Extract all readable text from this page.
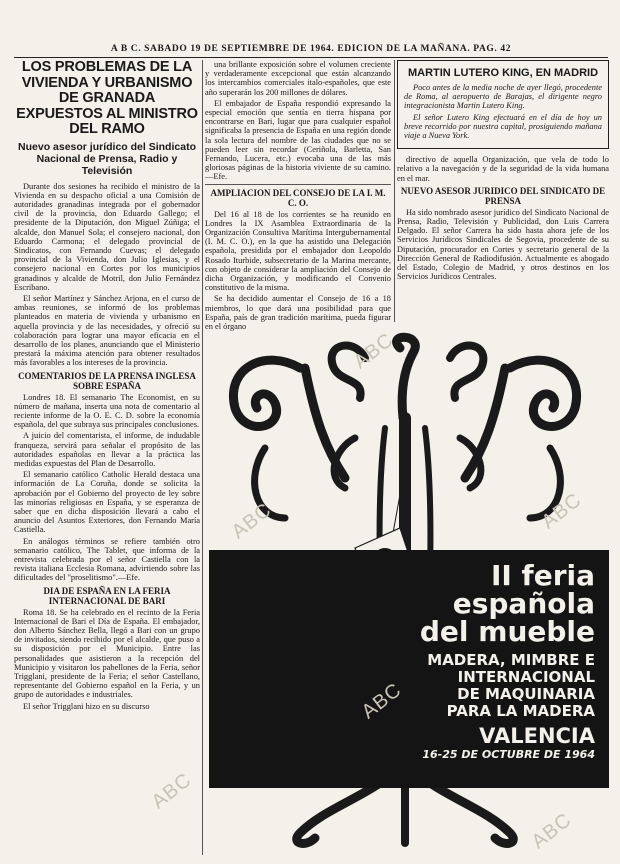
A B C. SABADO 19 DE SEPTIEMBRE DE 1964. EDICION DE LA MAÑANA. PAG. 42
LOS PROBLEMAS DE LA VIVIENDA Y URBANISMO DE GRANADA EXPUESTOS AL MINISTRO DEL RAMO
Nuevo asesor jurídico del Sindicato Nacional de Prensa, Radio y Televisión

Durante dos sesiones ha recibido el ministro de la Vivienda en su despacho oficial a una Comisión de autoridades granadinas integrada por el gobernador civil de la provincia, don Eduardo Gallego; el presidente de la Diputación, don Miguel Zúñiga; el alcalde, don Manuel Sola; el consejero nacional, don Eduardo Carmona; el delegado provincial de Sindicatos, con Fernando Cuevas; el delegado provincial de la Vivienda, don Julio Iglesias, y el consejero nacional en Cortes por los municipios granadinos y alcalde de Motril, don Julio Fernández Escribano.

El señor Martínez y Sánchez Arjona, en el curso de ambas reuniones, se informó de los problemas planteados en materia de vivienda y urbanismo en aquella provincia y de las necesidades, y ofreció su colaboración para lograr una mayor eficacia en el desarrollo de los planes, anunciando que el Ministerio prestará la máxima atención para obtener resultados más favorables a los intereses de la provincia.

COMENTARIOS DE LA PRENSA INGLESA SOBRE ESPAÑA

Londres 18. El semanario The Economist, en su número de mañana, inserta una nota de comentario al reciente informe de la O. E. C. D. sobre la economía española, del que subraya sus principales conclusiones.

A juicio del comentarista, el informe, de indudable franqueza, servirá para señalar el propósito de las autoridades españolas en llevar a la práctica las medidas expuestas del Plan de Desarrollo.

El semanario católico Catholic Herald destaca una información de La Coruña, donde se solicita la aprobación por el Gobierno del proyecto de ley sobre las minorías religiosas en España, y se esperanza de saber que en dicha disposición llevará a cabo el anuncio del Asuntos Exteriores, don Fernando María Castiella.

En análogos términos se refiere también otro semanario católico, The Tablet, que informa de la entrevista celebrada por el señor Castiella con la revista italiana Ecclesia Romana, advirtiendo sobre las dificultades del "proselitismo".—Efe.

DIA DE ESPAÑA EN LA FERIA INTERNACIONAL DE BARI

Roma 18. Se ha celebrado en el recinto de la Feria Internacional de Bari el Día de España. El embajador, don Alberto Sánchez Bella, llegó a Bari con un grupo de invitados, siendo recibido por el alcalde, que puso a su disposición por el Municipio. Entre las personalidades que asistieron a la recepción del Municipio y visitaron los pabellones de la Feria, señor Trigglani, presidente de la Feria; el señor Castellano, representante del Gobierno español en la Feria, y un grupo de autoridades e industriales.

El señor Trigglani hizo en su discurso

una brillante exposición sobre el volumen creciente y verdaderamente excepcional que están alcanzando los intercambios comerciales italo-españoles, que este año superarán los 200 millones de dólares.

El embajador de España respondió expresando la especial emoción que sentía en tierra hispana por encontrarse en Bari, lugar que para cualquier español significaba la presencia de España en una región donde la sola lectura del nombre de las ciudades que no se pueden leer sin recordar (Ceriñola, Barletta, San Fernando, Lucera, etc.) evocaba una de las más gloriosas páginas de la historia viviente de su camino.—Efe.

AMPLIACION DEL CONSEJO DE LA I. M. C. O.

Del 16 al 18 de los corrientes se ha reunido en Londres la IX Asamblea Extraordinaria de la Organización Consultiva Marítima Intergubernamental (I. M. C. O.), en la que ha asistido una Delegación española, presidida por el embajador don Leopoldo Rosado Iturbide, subsecretario de la Marina mercante, con objeto de considerar la ampliación del Consejo de dicha Organización, y modificando el Convenio constitutivo de la misma.

Se ha decidido aumentar el Consejo de 16 a 18 miembros, lo que dará una posibilidad para que España, país de gran tradición marítima, pueda figurar en el órgano

MARTIN LUTERO KING, EN MADRID

Poco antes de la media noche de ayer llegó, procedente de Roma, al aeropuerto de Barajas, el dirigente negro integracionista Martin Lutero King.

El señor Lutero King efectuará en el día de hoy un breve recorrido por nuestra capital, prosiguiendo mañana viaje a Nueva York.

directivo de aquella Organización, que vela de todo lo relativo a la navegación y de la seguridad de la vida humana en el mar.

NUEVO ASESOR JURIDICO DEL SINDICATO DE PRENSA

Ha sido nombrado asesor jurídico del Sindicato Nacional de Prensa, Radio, Televisión y Publicidad, don Luis Carrera Delgado. El señor Carrera ha sido hasta ahora jefe de los Servicios Jurídicos Sindicales de Segovia, procedente de su Diputación, procurador en Cortes y secretario general de la Dirección General de Radiodifusión. Actualmente es abogado del Estado, Colegio de Madrid, y otros destinos en los Servicios Jurídicos Centrales.

II feria
española
del mueble
MADERA, MIMBRE E
INTERNACIONAL
DE MAQUINARIA
PARA LA MADERA
VALENCIA
16-25 DE OCTUBRE DE 1964
ABC
ABC
ABC
ABC
ABC
ABC
